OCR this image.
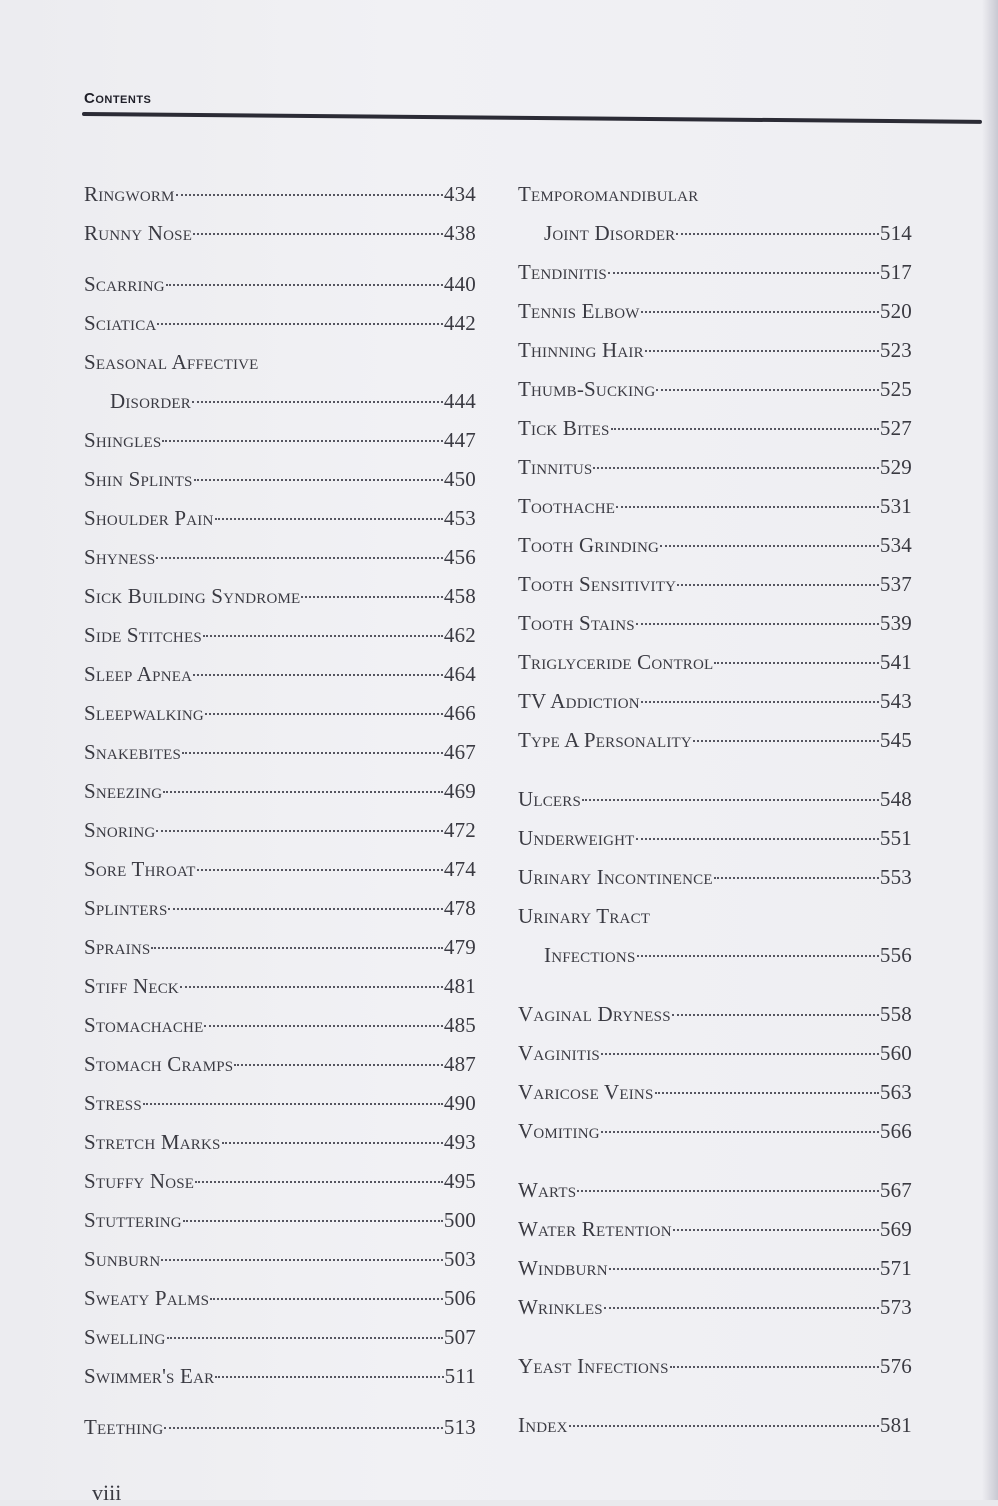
Contents
Ringworm	434
Runny Nose	438
Scarring	440
Sciatica	442
Seasonal Affective
Disorder	444
Shingles	447
Shin Splints	450
Shoulder Pain	453
Shyness	456
Sick Building Syndrome	458
Side Stitches	462
Sleep Apnea	464
Sleepwalking	466
Snakebites	467
Sneezing	469
Snoring	472
Sore Throat	474
Splinters	478
Sprains	479
Stiff Neck	481
Stomachache	485
Stomach Cramps	487
Stress	490
Stretch Marks	493
Stuffy Nose	495
Stuttering	500
Sunburn	503
Sweaty Palms	506
Swelling	507
Swimmer's Ear	511
Teething	513
Temporomandibular
Joint Disorder	514
Tendinitis	517
Tennis Elbow	520
Thinning Hair	523
Thumb-Sucking	525
Tick Bites	527
Tinnitus	529
Toothache	531
Tooth Grinding	534
Tooth Sensitivity	537
Tooth Stains	539
Triglyceride Control	541
TV Addiction	543
Type A Personality	545
Ulcers	548
Underweight	551
Urinary Incontinence	553
Urinary Tract
Infections	556
Vaginal Dryness	558
Vaginitis	560
Varicose Veins	563
Vomiting	566
Warts	567
Water Retention	569
Windburn	571
Wrinkles	573
Yeast Infections	576
Index	581
viii
